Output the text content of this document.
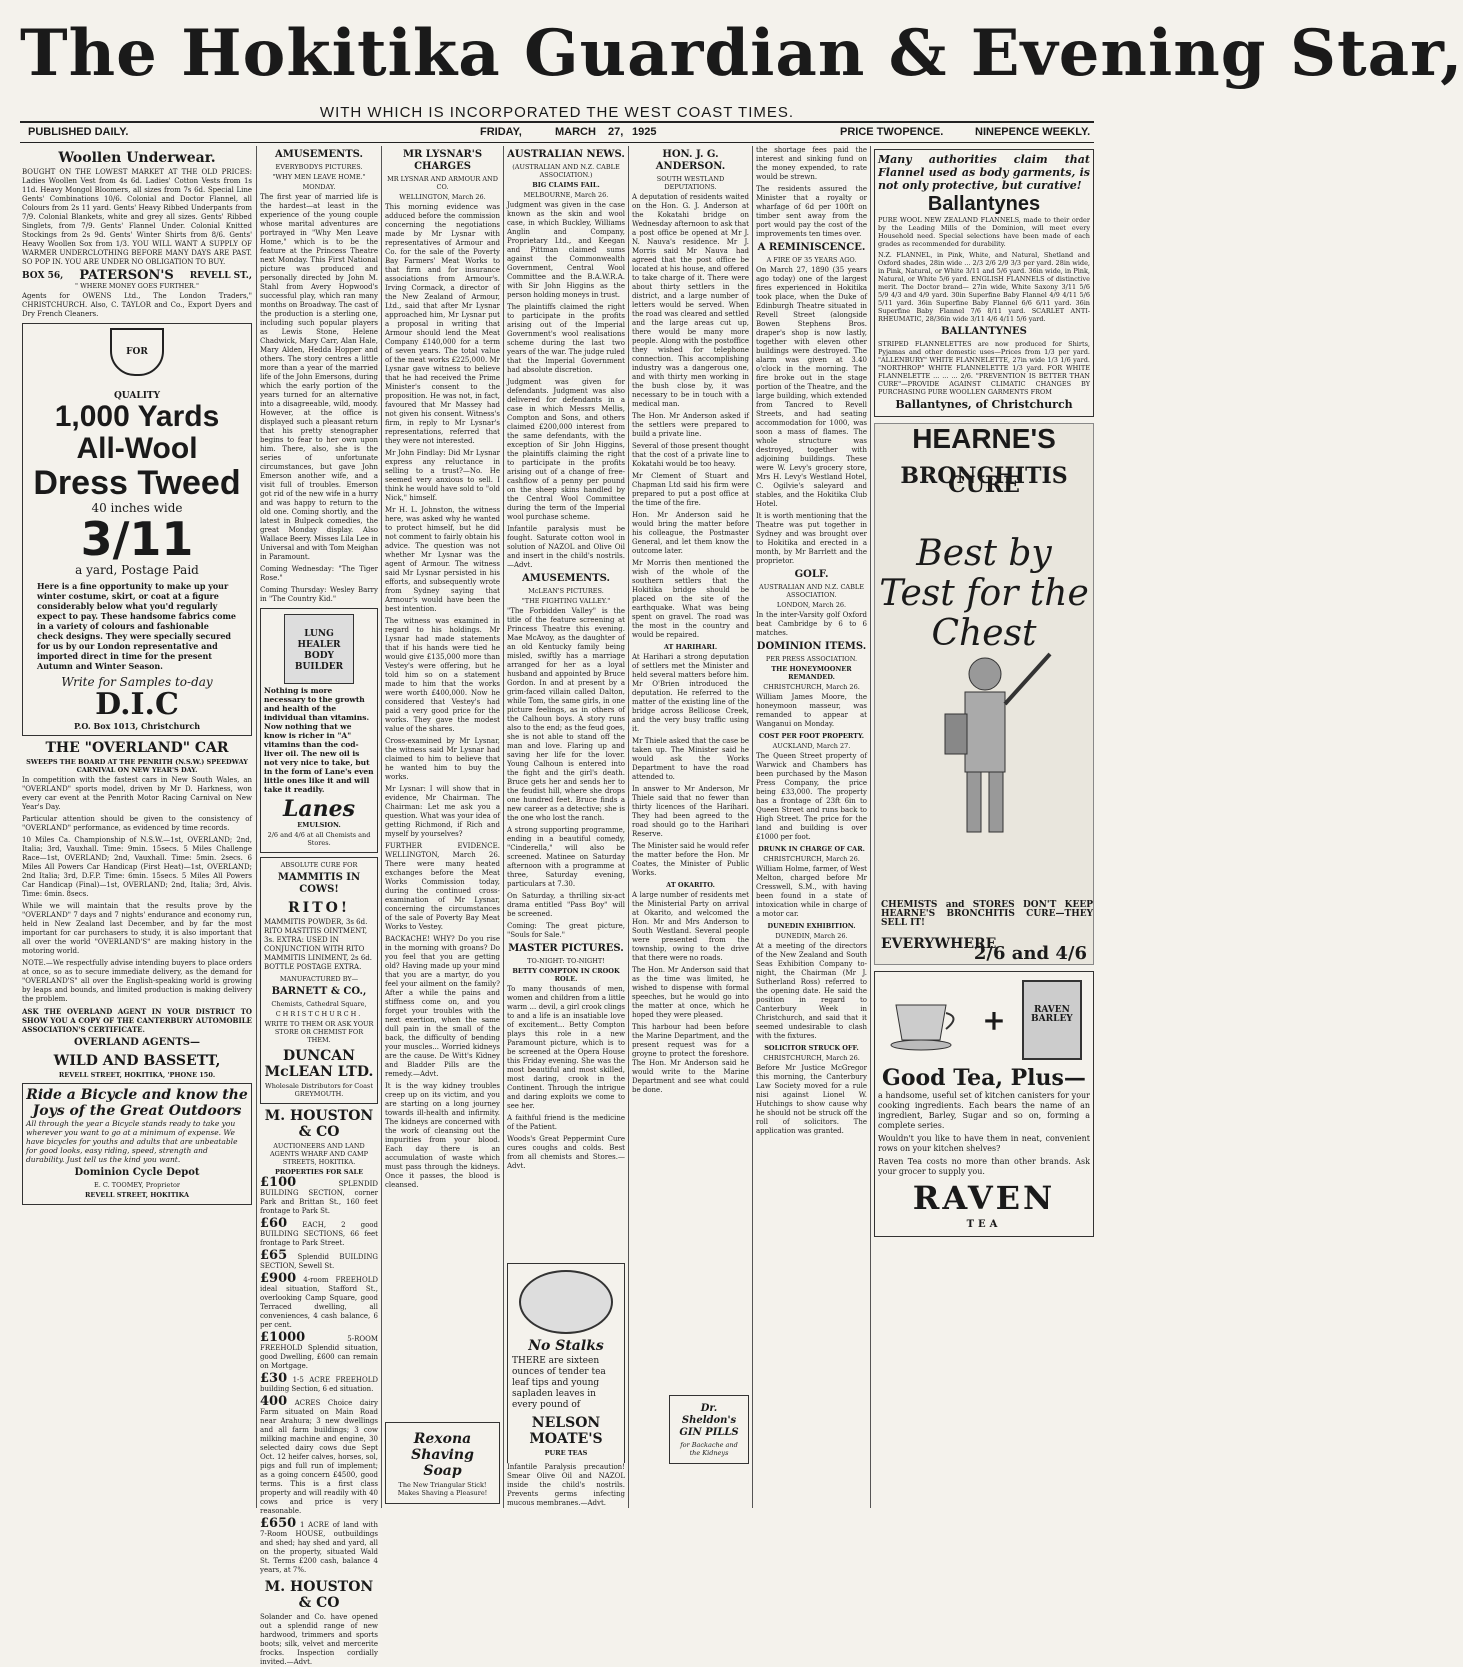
The Hokitika Guardian & Evening Star,
WITH WHICH IS INCORPORATED THE WEST COAST TIMES.
PUBLISHED DAILY.	FRIDAY,	MARCH 27, 1925	PRICE TWOPENCE.	NINEPENCE WEEKLY.
Woollen Underwear.

BOUGHT ON THE LOWEST MARKET AT THE OLD PRICES: Ladies Woollen Vest from 4s 6d. Ladies' Cotton Vests from 1s 11d. Heavy Mongol Bloomers, all sizes from 7s 6d. Special Line Gents' Combinations 10/6. Colonial and Doctor Flannel, all Colours from 2s 11 yard. Gents' Heavy Ribbed Underpants from 7/9. Colonial Blankets, white and grey all sizes. Gents' Ribbed Singlets, from 7/9. Gents' Flannel Under. Colonial Knitted Stockings from 2s 9d. Gents' Winter Shirts from 8/6. Gents' Heavy Woollen Sox from 1/3. YOU WILL WANT A SUPPLY OF WARMER UNDERCLOTHING BEFORE MANY DAYS ARE PAST. SO POP IN. YOU ARE UNDER NO OBLIGATION TO BUY.

BOX 56, PATERSON'S REVELL ST.,
" WHERE MONEY GOES FURTHER."

Agents for OWENS Ltd., The London Traders," CHRISTCHURCH. Also, C. TAYLOR and Co., Export Dyers and Dry French Cleaners.

FOR QUALITY
1,000 Yards
All-Wool
Dress Tweed
40 inches wide
3/11
a yard, Postage Paid
Here is a fine opportunity to make up your winter costume, skirt, or coat at a figure considerably below what you'd regularly expect to pay. These handsome fabrics come in a variety of colours and fashionable check designs. They were specially secured for us by our London representative and imported direct in time for the present Autumn and Winter Season.
Write for Samples to-day
D.I.C
P.O. Box 1013, Christchurch
THE "OVERLAND" CAR
SWEEPS THE BOARD AT THE PENRITH (N.S.W.) SPEEDWAY CARNIVAL ON NEW YEAR'S DAY.

In competition with the fastest cars in New South Wales, an "OVERLAND" sports model, driven by Mr D. Harkness, won every car event at the Penrith Motor Racing Carnival on New Year's Day.

Particular attention should be given to the consistency of "OVERLAND" performance, as evidenced by time records.

10 Miles Ca. Championship of N.S.W.—1st, OVERLAND; 2nd, Italia; 3rd, Vauxhall. Time: 9min. 15secs. 5 Miles Challenge Race—1st, OVERLAND; 2nd, Vauxhall. Time: 5min. 2secs. 6 Miles All Powers Car Handicap (First Heat)—1st, OVERLAND; 2nd Italia; 3rd, D.F.P. Time: 6min. 15secs. 5 Miles All Powers Car Handicap (Final)—1st, OVERLAND; 2nd, Italia; 3rd, Alvis. Time: 6min. 8secs.

While we will maintain that the results prove by the "OVERLAND" 7 days and 7 nights' endurance and economy run, held in New Zealand last December, and by far the most important for car purchasers to study, it is also important that all over the world "OVERLAND'S" are making history in the motoring world.

NOTE.—We respectfully advise intending buyers to place orders at once, so as to secure immediate delivery, as the demand for "OVERLAND'S" all over the English-speaking world is growing by leaps and bounds, and limited production is making delivery the problem.

ASK THE OVERLAND AGENT IN YOUR DISTRICT TO SHOW YOU A COPY OF THE CANTERBURY AUTOMOBILE ASSOCIATION'S CERTIFICATE.

OVERLAND AGENTS—
WILD AND BASSETT,
REVELL STREET, HOKITIKA, 'PHONE 150.
Ride a Bicycle and know the Joys of the Great Outdoors

All through the year a Bicycle stands ready to take you wherever you want to go at a minimum of expense. We have bicycles for youths and adults that are unbeatable for good looks, easy riding, speed, strength and durability. Just tell us the kind you want.

Dominion Cycle Depot
E. C. TOOMEY, Proprietor
REVELL STREET, HOKITIKA
AMUSEMENTS.
EVERYBODYS PICTURES.
"WHY MEN LEAVE HOME."
MONDAY.

The first year of married life is the hardest—at least in the experience of the young couple whose marital adventures are portrayed in "Why Men Leave Home," which is to be the feature at the Princess Theatre next Monday. This First National picture was produced and personally directed by John M. Stahl from Avery Hopwood's successful play, which ran many months on Broadway. The cast of the production is a sterling one, including such popular players as Lewis Stone, Helene Chadwick, Mary Carr, Alan Hale, Mary Alden, Hedda Hopper and others. The story centres a little more than a year of the married life of the John Emersons, during which the early portion of the years turned for an alternative into a disagreeable, wild, moody. However, at the office is displayed such a pleasant return that his pretty stenographer begins to fear to her own upon him. There, also, she is the series of unfortunate circumstances, but gave John Emerson another wife, and a visit full of troubles. Emerson got rid of the new wife in a hurry and was happy to return to the old one. Coming shortly, and the latest in Bulpeck comedies, the great Monday display. Also Wallace Beery. Misses Lila Lee in Universal and with Tom Meighan in Paramount.

Coming Wednesday: "The Tiger Rose."

Coming Thursday: Wesley Barry in "The Country Kid."

LUNG HEALER BODY BUILDER

Nothing is more necessary to the growth and health of the individual than vitamins. Now nothing that we know is richer in "A" vitamins than the cod-liver oil. The new oil is not very nice to take, but in the form of Lane's even little ones like it and will take it readily.

Lanes
EMULSION.
2/6 and 4/6 at all Chemists and Stores.
ABSOLUTE CURE FOR
MAMMITIS IN COWS!
RITO!

MAMMITIS POWDER, 3s 6d. RITO MASTITIS OINTMENT, 3s. EXTRA: USED IN CONJUNCTION WITH RITO MAMMITIS LINIMENT, 2s 6d. BOTTLE POSTAGE EXTRA.

MANUFACTURED BY—
BARNETT & CO.,
Chemists, Cathedral Square,
CHRISTCHURCH.
WRITE TO THEM OR ASK YOUR STORE OR CHEMIST FOR THEM.
DUNCAN McLEAN LTD.
Wholesale Distributors for Coast GREYMOUTH.
M. HOUSTON & CO
AUCTIONEERS AND LAND AGENTS WHARF AND CAMP STREETS, HOKITIKA.
PROPERTIES FOR SALE

£100	SPLENDID BUILDING SECTION, corner Park and Brittan St., 160 feet frontage to Park St.

£60 EACH, 2 good BUILDING SECTIONS, 66 feet frontage to Park Street.

£65 Splendid BUILDING SECTION, Sewell St.

£900 4-room FREEHOLD ideal situation, Stafford St., overlooking Camp Square, good Terraced dwelling, all conveniences, 4 cash balance, 6 per cent.

£1000	5-ROOM FREEHOLD Splendid situation, good Dwelling, £600 can remain on Mortgage.

£30 1-5 ACRE FREEHOLD building Section, 6 ed situation.

400 ACRES Choice dairy Farm situated on Main Road near Arahura; 3 new dwellings and all farm buildings; 3 cow milking machine and engine, 30 selected dairy cows due Sept Oct. 12 heifer calves, horses, sol, pigs and full run of implement; as a going concern £4500, good terms. This is a first class property and will readily with 40 cows and price is very reasonable.

£650 1 ACRE of land with 7-Room HOUSE, outbuildings and shed; hay shed and yard, all on the property, situated Wald St. Terms £200 cash, balance 4 years, at 7%.

M. HOUSTON & CO

Solander and Co. have opened out a splendid range of new hardwood, trimmers and sports boots; silk, velvet and mercerite frocks. Inspection cordially invited.—Advt.

MR LYSNAR'S CHARGES
MR LYSNAR AND ARMOUR AND CO.
WELLINGTON, March 26.

This morning evidence was adduced before the commission concerning the negotiations made by Mr Lysnar with representatives of Armour and Co. for the sale of the Poverty Bay Farmers' Meat Works to that firm and for insurance associations from Armour's. Irving Cormack, a director of the New Zealand of Armour, Ltd., said that after Mr Lysnar approached him, Mr Lysnar put a proposal in writing that Armour should lend the Meat Company £140,000 for a term of seven years. The total value of the meat works £225,000. Mr Lysnar gave witness to believe that he had received the Prime Minister's consent to the proposition. He was not, in fact, favoured that Mr Massey had not given his consent. Witness's firm, in reply to Mr Lysnar's representations, referred that they were not interested.

Mr John Findlay: Did Mr Lysnar express any reluctance in selling to a trust?—No. He seemed very anxious to sell. I think he would have sold to "old Nick," himself.

Mr H. L. Johnston, the witness here, was asked why he wanted to protect himself, but he did not comment to fairly obtain his advice. The question was not whether Mr Lysnar was the agent of Armour. The witness said Mr Lysnar persisted in his efforts, and subsequently wrote from Sydney saying that Armour's would have been the best intention.

The witness was examined in regard to his holdings. Mr Lysnar had made statements that if his hands were tied he would give £135,000 more than Vestey's were offering, but he told him so on a statement made to him that the works were worth £400,000. Now he considered that Vestey's had paid a very good price for the works. They gave the modest value of the shares.

Cross-examined by Mr Lysnar, the witness said Mr Lysnar had claimed to him to believe that he wanted him to buy the works.

Mr Lysnar: I will show that in evidence, Mr Chairman. The Chairman: Let me ask you a question. What was your idea of getting Richmond, if Rich and myself by yourselves?

FURTHER EVIDENCE. WELLINGTON, March 26. There were many heated exchanges before the Meat Works Commission today, during the continued cross-examination of Mr Lysnar, concerning the circumstances of the sale of Poverty Bay Meat Works to Vestey.

BACKACHE! WHY? Do you rise in the morning with groans? Do you feel that you are getting old? Having made up your mind that you are a martyr, do you feel your ailment on the family? After a while the pains and stiffness come on, and you forget your troubles with the next exertion, when the same dull pain in the small of the back, the difficulty of bending your muscles... Worried kidneys are the cause. De Witt's Kidney and Bladder Pills are the remedy.—Advt.

It is the way kidney troubles creep up on its victim, and you are starting on a long journey towards ill-health and infirmity. The kidneys are concerned with the work of cleansing out the impurities from your blood. Each day there is an accumulation of waste which must pass through the kidneys. Once it passes, the blood is cleansed.

Rexona Shaving Soap
The New Triangular Stick! Makes Shaving a Pleasure!
AUSTRALIAN NEWS.
(AUSTRALIAN AND N.Z. CABLE ASSOCIATION.)
BIG CLAIMS FAIL.
MELBOURNE, March 26.

Judgment was given in the case known as the skin and wool case, in which Buckley, Williams Anglin and Company, Proprietary Ltd., and Keegan and Pittman claimed sums against the Commonwealth Government, Central Wool Committee and the B.A.W.R.A. with Sir John Higgins as the person holding moneys in trust.

The plaintiffs claimed the right to participate in the profits arising out of the Imperial Government's wool realisations scheme during the last two years of the war. The judge ruled that the Imperial Government had absolute discretion.

Judgment was given for defendants. Judgment was also delivered for defendants in a case in which Messrs Mellis, Compton and Sons, and others claimed £200,000 interest from the same defendants, with the exception of Sir John Higgins, the plaintiffs claiming the right to participate in the profits arising out of a change of free-cashflow of a penny per pound on the sheep skins handled by the Central Wool Committee during the term of the Imperial wool purchase scheme.

Infantile paralysis must be fought. Saturate cotton wool in solution of NAZOL and Olive Oil and insert in the child's nostrils.—Advt.

AMUSEMENTS.
McLEAN'S PICTURES.
"THE FIGHTING VALLEY."

"The Forbidden Valley" is the title of the feature screening at Princess Theatre this evening. Mae McAvoy, as the daughter of an old Kentucky family being misled, swiftly has a marriage arranged for her as a loyal husband and appointed by Bruce Gordon. In and at present by a grim-faced villain called Dalton, while Tom, the same girls, in one picture feelings, as in others of the Calhoun boys. A story runs also to the end; as the feud goes, she is not able to stand off the man and love. Flaring up and saving her life for the lover. Young Calhoun is entered into the fight and the girl's death. Bruce gets her and sends her to the feudist hill, where she drops one hundred feet. Bruce finds a new career as a detective; she is the one who lost the ranch.

A strong supporting programme, ending in a beautiful comedy, "Cinderella," will also be screened. Matinee on Saturday afternoon with a programme at three, Saturday evening, particulars at 7.30.

On Saturday, a thrilling six-act drama entitled "Pass Boy" will be screened.

Coming: The great picture, "Souls for Sale."

MASTER PICTURES.
TO-NIGHT: TO-NIGHT!
BETTY COMPTON IN CROOK ROLE.

To many thousands of men, women and children from a little warm ... devil, a girl crook clings to and a life is an insatiable love of excitement... Betty Compton plays this role in a new Paramount picture, which is to be screened at the Opera House this Friday evening. She was the most beautiful and most skilled, most daring, crook in the Continent. Through the intrigue and daring exploits we come to see her.

A faithful friend is the medicine of the Patient.

Woods's Great Peppermint Cure cures coughs and colds. Best from all chemists and Stores.—Advt.

No Stalks

THERE are sixteen ounces of tender tea leaf tips and young sapladen leaves in every pound of

NELSON MOATE'S
PURE TEAS

Infantile Paralysis precaution! Smear Olive Oil and NAZOL inside the child's nostrils. Prevents germs infecting mucous membranes.—Advt.

HON. J. G. ANDERSON.
SOUTH WESTLAND DEPUTATIONS.

A deputation of residents waited on the Hon. G. J. Anderson at the Kokatahi bridge on Wednesday afternoon to ask that a post office be opened at Mr J. N. Nauva's residence. Mr J. Morris said Mr Nauva had agreed that the post office be located at his house, and offered to take charge of it. There were about thirty settlers in the district, and a large number of letters would be served. When the road was cleared and settled and the large areas cut up, there would be many more people. Along with the postoffice they wished for telephone connection. This accomplishing industry was a dangerous one, and with thirty men working in the bush close by, it was necessary to be in touch with a medical man.

The Hon. Mr Anderson asked if the settlers were prepared to build a private line.

Several of those present thought that the cost of a private line to Kokatahi would be too heavy.

Mr Clement of Stuart and Chapman Ltd said his firm were prepared to put a post office at the time of the fire.

Hon. Mr Anderson said he would bring the matter before his colleague, the Postmaster General, and let them know the outcome later.

Mr Morris then mentioned the wish of the whole of the southern settlers that the Hokitika bridge should be placed on the site of the earthquake. What was being spent on gravel. The road was the most in the country and would be repaired.

AT HARIHARI.

At Harihari a strong deputation of settlers met the Minister and held several matters before him. Mr O'Brien introduced the deputation. He referred to the matter of the existing line of the bridge across Bellicose Creek, and the very busy traffic using it.

Mr Thiele asked that the case be taken up. The Minister said he would ask the Works Department to have the road attended to.

In answer to Mr Anderson, Mr Thiele said that no fewer than thirty licences of the Harihari. They had been agreed to the road should go to the Harihari Reserve.

The Minister said he would refer the matter before the Hon. Mr Coates, the Minister of Public Works.

AT OKARITO.

A large number of residents met the Ministerial Party on arrival at Okarito, and welcomed the Hon. Mr and Mrs Anderson to South Westland. Several people were presented from the township, owing to the drive that there were no roads.

The Hon. Mr Anderson said that as the time was limited, he wished to dispense with formal speeches, but he would go into the matter at once, which he hoped they were pleased.

This harbour had been before the Marine Department, and the present request was for a groyne to protect the foreshore. The Hon. Mr Anderson said he would write to the Marine Department and see what could be done.

Dr. Sheldon's GIN PILLS
for Backache and the Kidneys

the shortage fees paid the interest and sinking fund on the money expended, to rate would be strewn.

The residents assured the Minister that a royalty or wharfage of 6d per 100ft on timber sent away from the port would pay the cost of the improvements ten times over.

A REMINISCENCE.
A FIRE OF 35 YEARS AGO.

On March 27, 1890 (35 years ago today) one of the largest fires experienced in Hokitika took place, when the Duke of Edinburgh Theatre situated in Revell Street (alongside Bowen Stephens Bros. draper's shop is now lastly, together with eleven other buildings were destroyed. The alarm was given at 3.40 o'clock in the morning. The fire broke out in the stage portion of the Theatre, and the large building, which extended from Tancred to Revell Streets, and had seating accommodation for 1000, was soon a mass of flames. The whole structure was destroyed, together with adjoining buildings. These were W. Levy's grocery store, Mrs H. Levy's Westland Hotel, C. Ogilvie's saleyard and stables, and the Hokitika Club Hotel.

It is worth mentioning that the Theatre was put together in Sydney and was brought over to Hokitika and erected in a month, by Mr Barrlett and the proprietor.

GOLF.
AUSTRALIAN AND N.Z. CABLE ASSOCIATION.
LONDON, March 26.

In the inter-Varsity golf Oxford beat Cambridge by 6 to 6 matches.

DOMINION ITEMS.
PER PRESS ASSOCIATION.
THE HONEYMOONER REMANDED.
CHRISTCHURCH, March 26.

William James Moore, the honeymoon masseur, was remanded to appear at Wanganui on Monday.

COST PER FOOT PROPERTY.
AUCKLAND, March 27.

The Queen Street property of Warwick and Chambers has been purchased by the Mason Press Company, the price being £33,000. The property has a frontage of 23ft 6in to Queen Street and runs back to High Street. The price for the land and building is over £1000 per foot.

DRUNK IN CHARGE OF CAR.
CHRISTCHURCH, March 26.

William Holme, farmer, of West Melton, charged before Mr Cresswell, S.M., with having been found in a state of intoxication while in charge of a motor car.

DUNEDIN EXHIBITION.
DUNEDIN, March 26.

At a meeting of the directors of the New Zealand and South Seas Exhibition Company to-night, the Chairman (Mr J. Sutherland Ross) referred to the opening date. He said the position in regard to Canterbury Week in Christchurch, and said that it seemed undesirable to clash with the fixtures.

SOLICITOR STRUCK OFF.
CHRISTCHURCH, March 26.

Before Mr Justice McGregor this morning, the Canterbury Law Society moved for a rule nisi against Lionel W. Hutchings to show cause why he should not be struck off the roll of solicitors. The application was granted.

Many authorities claim that Flannel used as body garments, is not only protective, but curative!
Ballantynes

PURE WOOL NEW ZEALAND FLANNELS, made to their order by the Leading Mills of the Dominion, will meet every Household need. Special selections have been made of each grades as recommended for durability.

N.Z. FLANNEL, in Pink, White, and Natural, Shetland and Oxford shades, 28in wide ... 2/3 2/6 2/9 3/3 per yard. 28in wide, in Pink, Natural, or White 3/11 and 5/6 yard. 36in wide, in Pink, Natural, or White 5/6 yard. ENGLISH FLANNELS of distinctive merit. The Doctor brand— 27in wide, White Saxony 3/11 5/6 5/9 4/3 and 4/9 yard. 30in Superfine Baby Flannel 4/9 4/11 5/6 5/11 yard. 36in Superfine Baby Flannel 6/6 6/11 yard. 36in Superfine Baby Flannel 7/6 8/11 yard. SCARLET ANTI-RHEUMATIC, 28/36in wide 3/11 4/6 4/11 5/6 yard.

BALLANTYNES

STRIPED FLANNELETTES are now produced for Shirts, Pyjamas and other domestic uses—Prices from 1/3 per yard. "ALLENBURY" WHITE FLANNELETTE, 27in wide 1/3 1/6 yard. "NORTHROP" WHITE FLANNELETTE 1/3 yard. FOR WHITE FLANNELETTE ... ... ... 2/6. "PREVENTION IS BETTER THAN CURE"—PROVIDE AGAINST CLIMATIC CHANGES BY PURCHASING PURE WOOLLEN GARMENTS FROM

Ballantynes, of Christchurch
HEARNE'S
BRONCHITIS CURE
Best by Test for the Chest
CHEMISTS and STORES DON'T KEEP HEARNE'S BRONCHITIS CURE—THEY SELL IT!
EVERYWHERE
2/6 and 4/6
+	RAVEN BARLEY
Good Tea, Plus—

a handsome, useful set of kitchen canisters for your cooking ingredients. Each bears the name of an ingredient, Barley, Sugar and so on, forming a complete series.

Wouldn't you like to have them in neat, convenient rows on your kitchen shelves?

Raven Tea costs no more than other brands. Ask your grocer to supply you.

RAVEN
TEA
